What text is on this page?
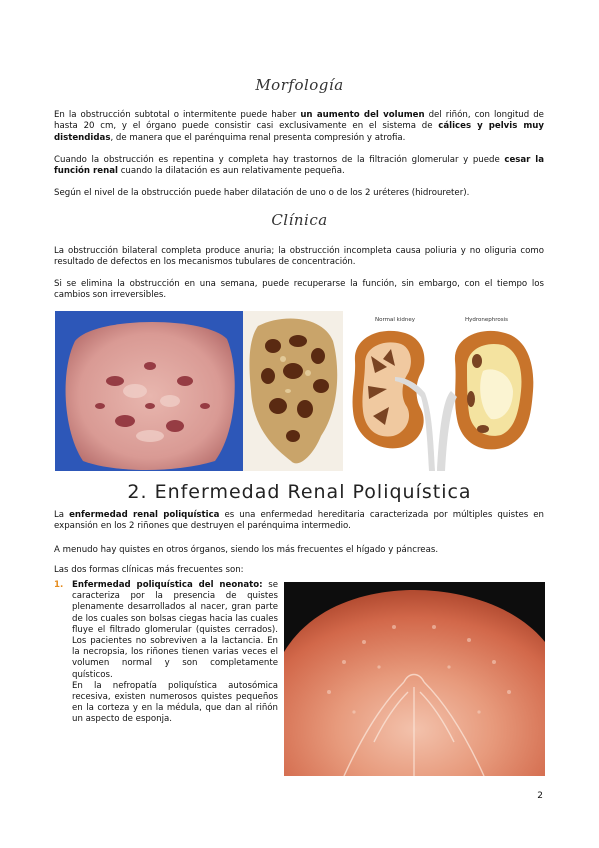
Morfología
En la obstrucción subtotal o intermitente puede haber un aumento del volumen del riñón, con longitud de hasta 20 cm, y el órgano puede consistir casi exclusivamente en el sistema de cálices y pelvis muy distendidas, de manera que el parénquima renal presenta compresión y atrofia.
Cuando la obstrucción es repentina y completa hay trastornos de la filtración glomerular y puede cesar la función renal cuando la dilatación es aun relativamente pequeña.
Según el nivel de la obstrucción puede haber dilatación de uno o de los 2 uréteres (hidroureter).
Clínica
La obstrucción bilateral completa produce anuria; la obstrucción incompleta causa poliuria y no oliguria como resultado de defectos en los mecanismos tubulares de concentración.
Si se elimina la obstrucción en una semana, puede recuperarse la función, sin embargo, con el tiempo los cambios son irreversibles.
Normal kidney	Hydronephrosis
2. Enfermedad Renal Poliquística
La enfermedad renal poliquística es una enfermedad hereditaria caracterizada por múltiples quistes en expansión en los 2 riñones que destruyen el parénquima intermedio.
A menudo hay quistes en otros órganos, siendo los más frecuentes el hígado y páncreas.
Las dos formas clínicas más frecuentes son:
1. Enfermedad poliquística del neonato: se caracteriza por la presencia de quistes plenamente desarrollados al nacer, gran parte de los cuales son bolsas ciegas hacia las cuales fluye el filtrado glomerular (quistes cerrados). Los pacientes no sobreviven a la lactancia. En la necropsia, los riñones tienen varias veces el volumen normal y son completamente quísticos.
En la nefropatía poliquística autosómica recesiva, existen numerosos quistes pequeños en la corteza y en la médula, que dan al riñón un aspecto de esponja.
2
